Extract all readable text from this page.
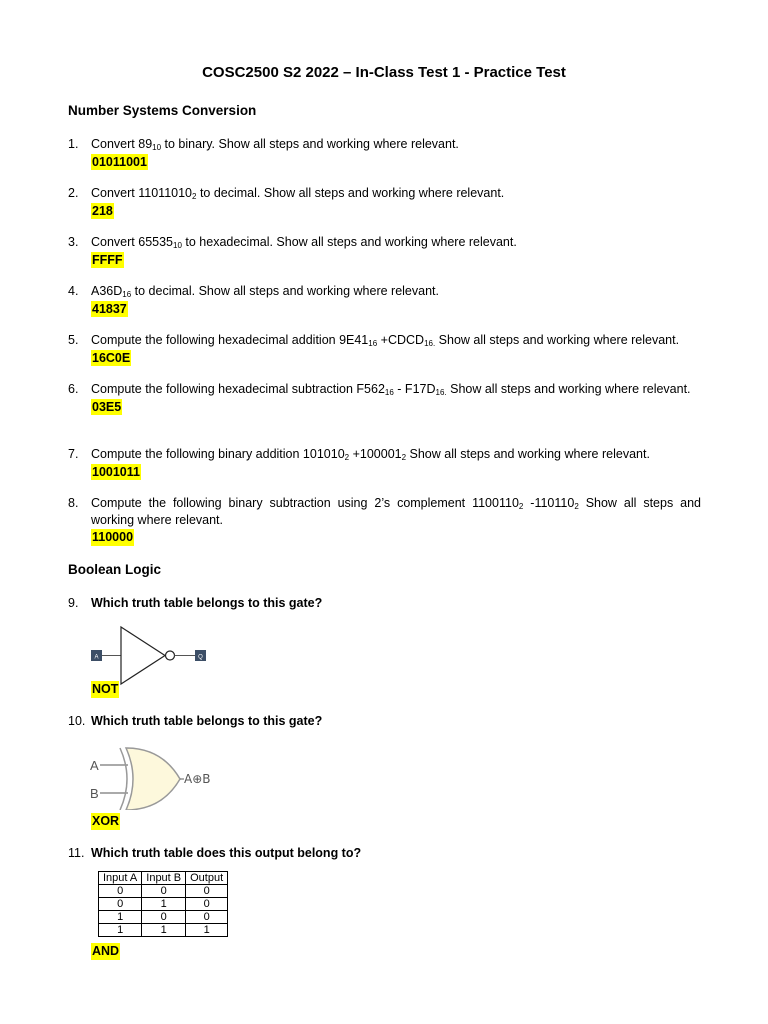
COSC2500 S2 2022 – In-Class Test 1 - Practice Test
Number Systems Conversion
1. Convert $89_{10}$ to binary. Show all steps and working where relevant.
01011001
2. Convert $11011010_2$ to decimal. Show all steps and working where relevant.
218
3. Convert $65535_{10}$ to hexadecimal. Show all steps and working where relevant.
FFFF
4. $A36D_{16}$ to decimal. Show all steps and working where relevant.
41837
5. Compute the following hexadecimal addition $9E41_{16}$ $+CDCD_{16.}$ Show all steps and working where relevant.
16C0E
6. Compute the following hexadecimal subtraction $F562_{16} - F17D_{16.}$ Show all steps and working where relevant.
03E5
7. Compute the following binary addition $101010_2 +100001_2$ Show all steps and working where relevant.
1001011
8. Compute the following binary subtraction using 2’s complement $1100110_2$ $-110110_2$ Show all steps and working where relevant.
110000
Boolean Logic
9. Which truth table belongs to this gate?
A	Q
NOT
10. Which truth table belongs to this gate?
A
B
A⊕B
XOR
11. Which truth table does this output belong to?
Input A	Input B	Output
0	0	0
0	1	0
1	0	0
1	1	1
AND
